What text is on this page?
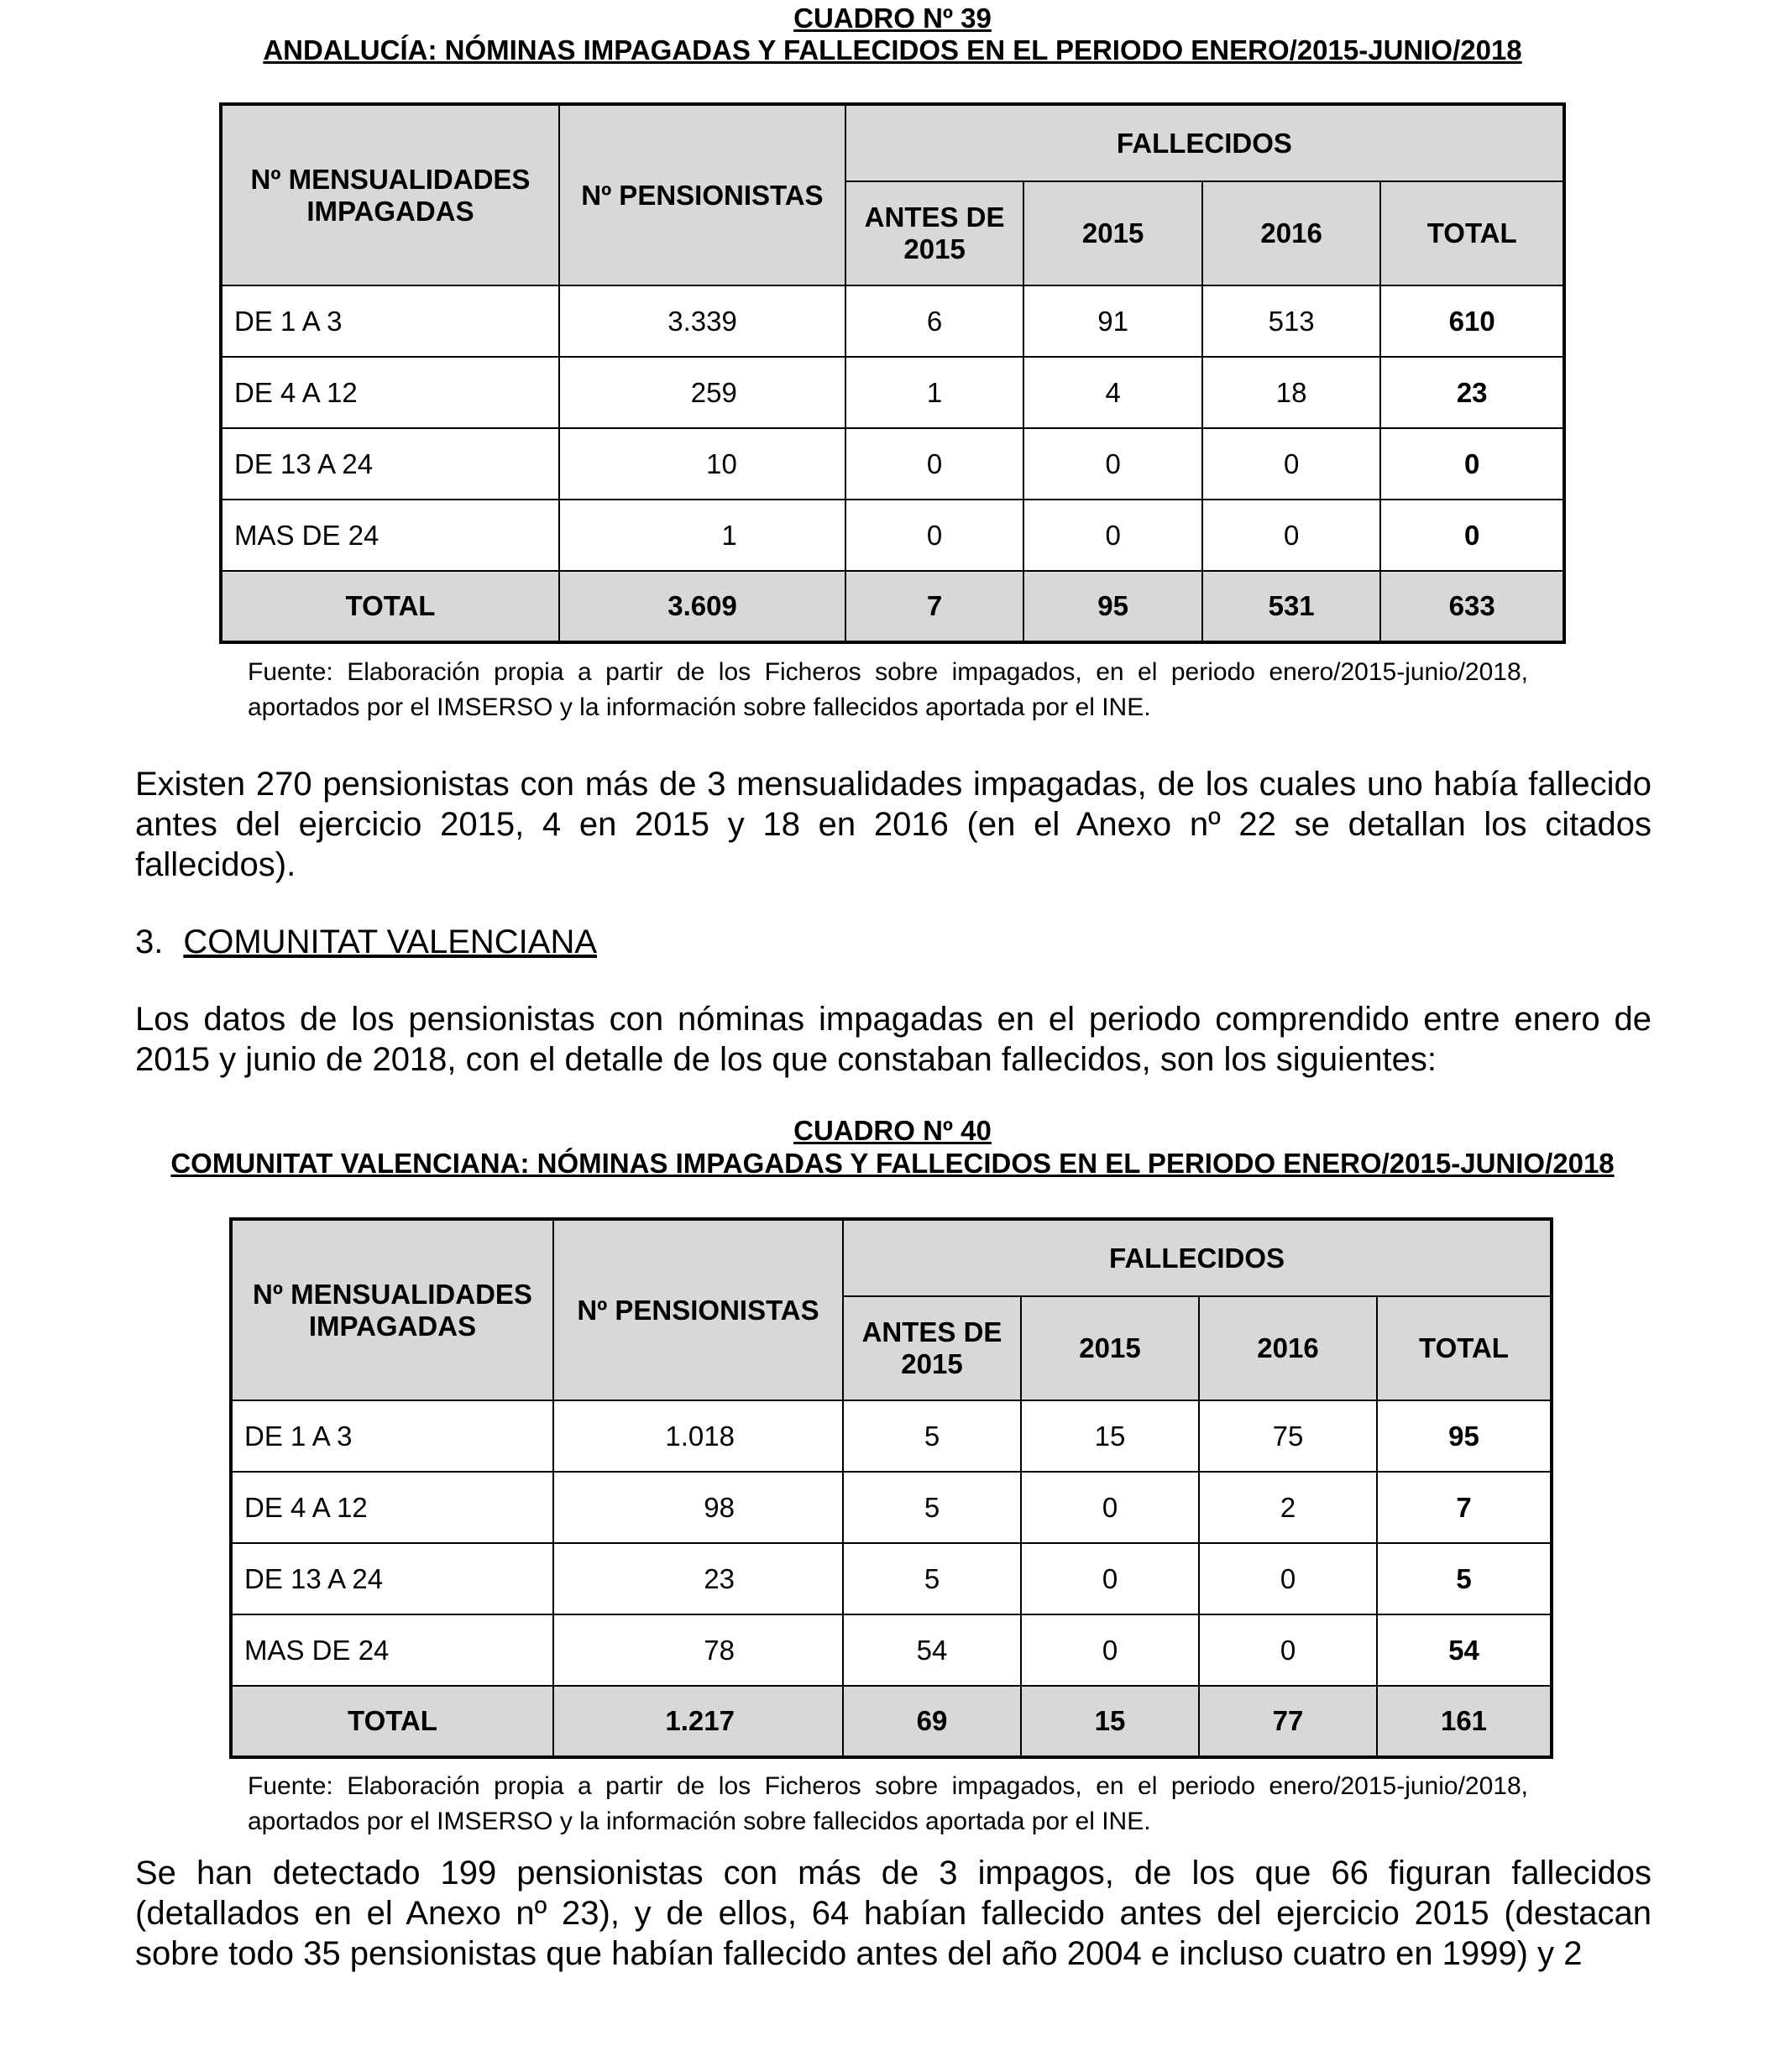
CUADRO Nº 39
ANDALUCÍA: NÓMINAS IMPAGADAS Y FALLECIDOS EN EL PERIODO ENERO/2015-JUNIO/2018
Nº MENSUALIDADES IMPAGADAS	Nº PENSIONISTAS	FALLECIDOS			
		ANTES DE 2015	2015	2016	TOTAL
DE 1 A 3	3.339	6	91	513	610
DE 4 A 12	259	1	4	18	23
DE 13 A 24	10	0	0	0	0
MAS DE 24	1	0	0	0	0
TOTAL	3.609	7	95	531	633
Fuente: Elaboración propia a partir de los Ficheros sobre impagados, en el periodo enero/2015-junio/2018, aportados por el IMSERSO y la información sobre fallecidos aportada por el INE.
Existen 270 pensionistas con más de 3 mensualidades impagadas, de los cuales uno había fallecido antes del ejercicio 2015, 4 en 2015 y 18 en 2016 (en el Anexo nº 22 se detallan los citados fallecidos).
3. COMUNITAT VALENCIANA
Los datos de los pensionistas con nóminas impagadas en el periodo comprendido entre enero de 2015 y junio de 2018, con el detalle de los que constaban fallecidos, son los siguientes:
CUADRO Nº 40
COMUNITAT VALENCIANA: NÓMINAS IMPAGADAS Y FALLECIDOS EN EL PERIODO ENERO/2015-JUNIO/2018
Nº MENSUALIDADES IMPAGADAS	Nº PENSIONISTAS	FALLECIDOS			
		ANTES DE 2015	2015	2016	TOTAL
DE 1 A 3	1.018	5	15	75	95
DE 4 A 12	98	5	0	2	7
DE 13 A 24	23	5	0	0	5
MAS DE 24	78	54	0	0	54
TOTAL	1.217	69	15	77	161
Fuente: Elaboración propia a partir de los Ficheros sobre impagados, en el periodo enero/2015-junio/2018, aportados por el IMSERSO y la información sobre fallecidos aportada por el INE.
Se han detectado 199 pensionistas con más de 3 impagos, de los que 66 figuran fallecidos (detallados en el Anexo nº 23), y de ellos, 64 habían fallecido antes del ejercicio 2015 (destacan sobre todo 35 pensionistas que habían fallecido antes del año 2004 e incluso cuatro en 1999) y 2
